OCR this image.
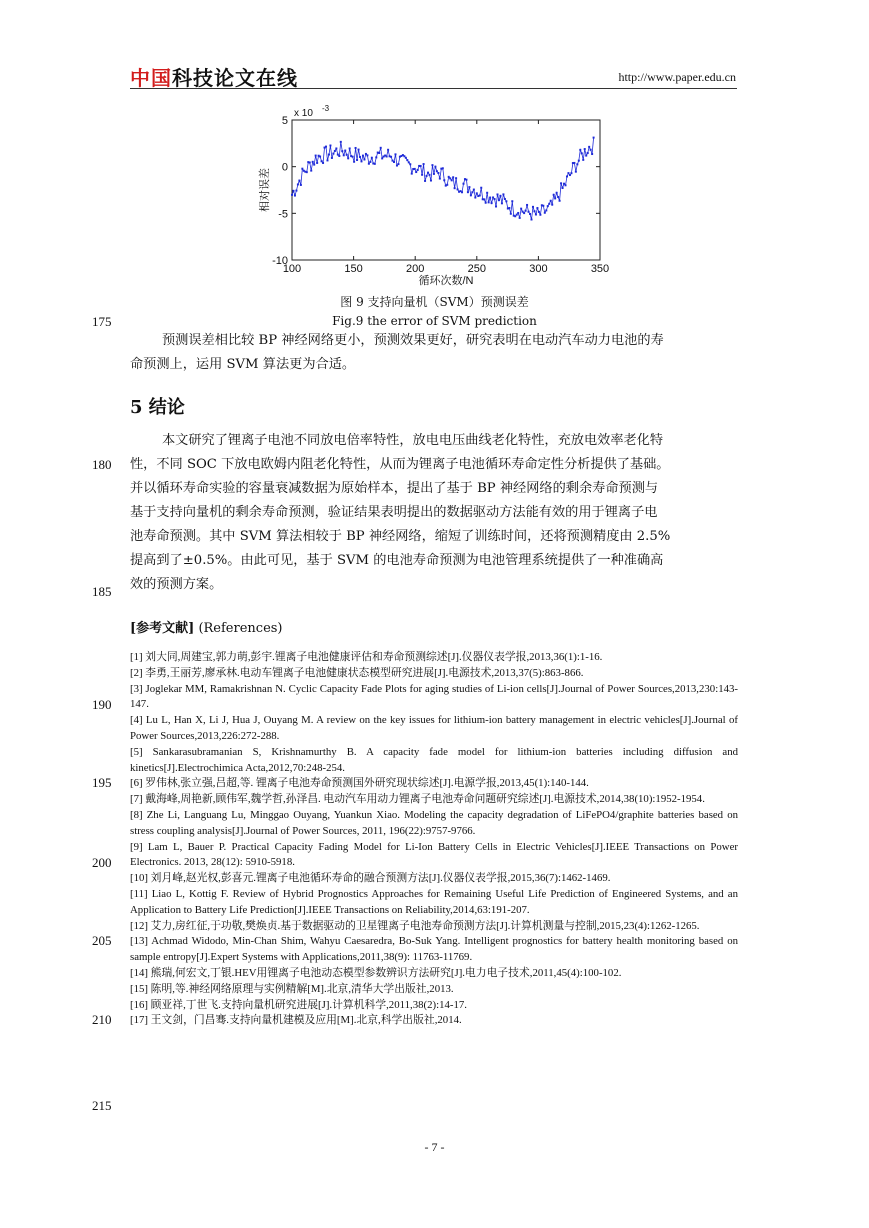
中国科技论文在线	http://www.paper.edu.cn
100	150	200	250	300	350
5
0
-5
-10
x 10 -3
循环次数/N
相对误差
图 9 支持向量机（SVM）预测误差
Fig.9 the error of SVM prediction
175
180
185
190
195
200
205
210
215
预测误差相比较 BP 神经网络更小，预测效果更好，研究表明在电动汽车动力电池的寿
命预测上，运用 SVM 算法更为合适。
5 结论
本文研究了锂离子电池不同放电倍率特性，放电电压曲线老化特性，充放电效率老化特
性，不同 SOC 下放电欧姆内阻老化特性，从而为锂离子电池循环寿命定性分析提供了基础。
并以循环寿命实验的容量衰减数据为原始样本，提出了基于 BP 神经网络的剩余寿命预测与
基于支持向量机的剩余寿命预测，验证结果表明提出的数据驱动方法能有效的用于锂离子电
池寿命预测。其中 SVM 算法相较于 BP 神经网络，缩短了训练时间，还将预测精度由 2.5%
提高到了±0.5%。由此可见，基于 SVM 的电池寿命预测为电池管理系统提供了一种准确高
效的预测方案。
[参考文献] (References)

[1] 刘大同,周建宝,郭力萌,彭宇.锂离子电池健康评估和寿命预测综述[J].仪器仪表学报,2013,36(1):1-16.

[2] 李勇,王丽芳,廖承林.电动车锂离子电池健康状态模型研究进展[J].电源技术,2013,37(5):863-866.

[3] Joglekar MM, Ramakrishnan N. Cyclic Capacity Fade Plots for aging studies of Li-ion cells[J].Journal of Power Sources,2013,230:143-147.

[4] Lu L, Han X, Li J, Hua J, Ouyang M. A review on the key issues for lithium-ion battery management in electric vehicles[J].Journal of Power Sources,2013,226:272-288.

[5] Sankarasubramanian S, Krishnamurthy B. A capacity fade model for lithium-ion batteries including diffusion and kinetics[J].Electrochimica Acta,2012,70:248-254.

[6] 罗伟林,张立强,吕超,等. 锂离子电池寿命预测国外研究现状综述[J].电源学报,2013,45(1):140-144.

[7] 戴海峰,周艳新,顾伟军,魏学哲,孙泽昌. 电动汽车用动力锂离子电池寿命问题研究综述[J].电源技术,2014,38(10):1952-1954.

[8] Zhe Li, Languang Lu, Minggao Ouyang, Yuankun Xiao. Modeling the capacity degradation of LiFePO4/graphite batteries based on stress coupling analysis[J].Journal of Power Sources, 2011, 196(22):9757-9766.

[9] Lam L, Bauer P. Practical Capacity Fading Model for Li-Ion Battery Cells in Electric Vehicles[J].IEEE Transactions on Power Electronics. 2013, 28(12): 5910-5918.

[10] 刘月峰,赵光权,彭喜元.锂离子电池循环寿命的融合预测方法[J].仪器仪表学报,2015,36(7):1462-1469.

[11] Liao L, Kottig F. Review of Hybrid Prognostics Approaches for Remaining Useful Life Prediction of Engineered Systems, and an Application to Battery Life Prediction[J].IEEE Transactions on Reliability,2014,63:191-207.

[12] 艾力,房红征,于功敬,樊焕贞.基于数据驱动的卫星锂离子电池寿命预测方法[J].计算机测量与控制,2015,23(4):1262-1265.

[13] Achmad Widodo, Min-Chan Shim, Wahyu Caesaredra, Bo-Suk Yang. Intelligent prognostics for battery health monitoring based on sample entropy[J].Expert Systems with Applications,2011,38(9): 11763-11769.

[14] 熊瑞,何宏文,丁银.HEV用锂离子电池动态模型参数辨识方法研究[J].电力电子技术,2011,45(4):100-102.

[15] 陈明,等.神经网络原理与实例精解[M].北京,清华大学出版社,2013.

[16] 顾亚祥,丁世飞.支持向量机研究进展[J].计算机科学,2011,38(2):14-17.

[17] 王文剑，门昌骞.支持向量机建模及应用[M].北京,科学出版社,2014.

- 7 -
